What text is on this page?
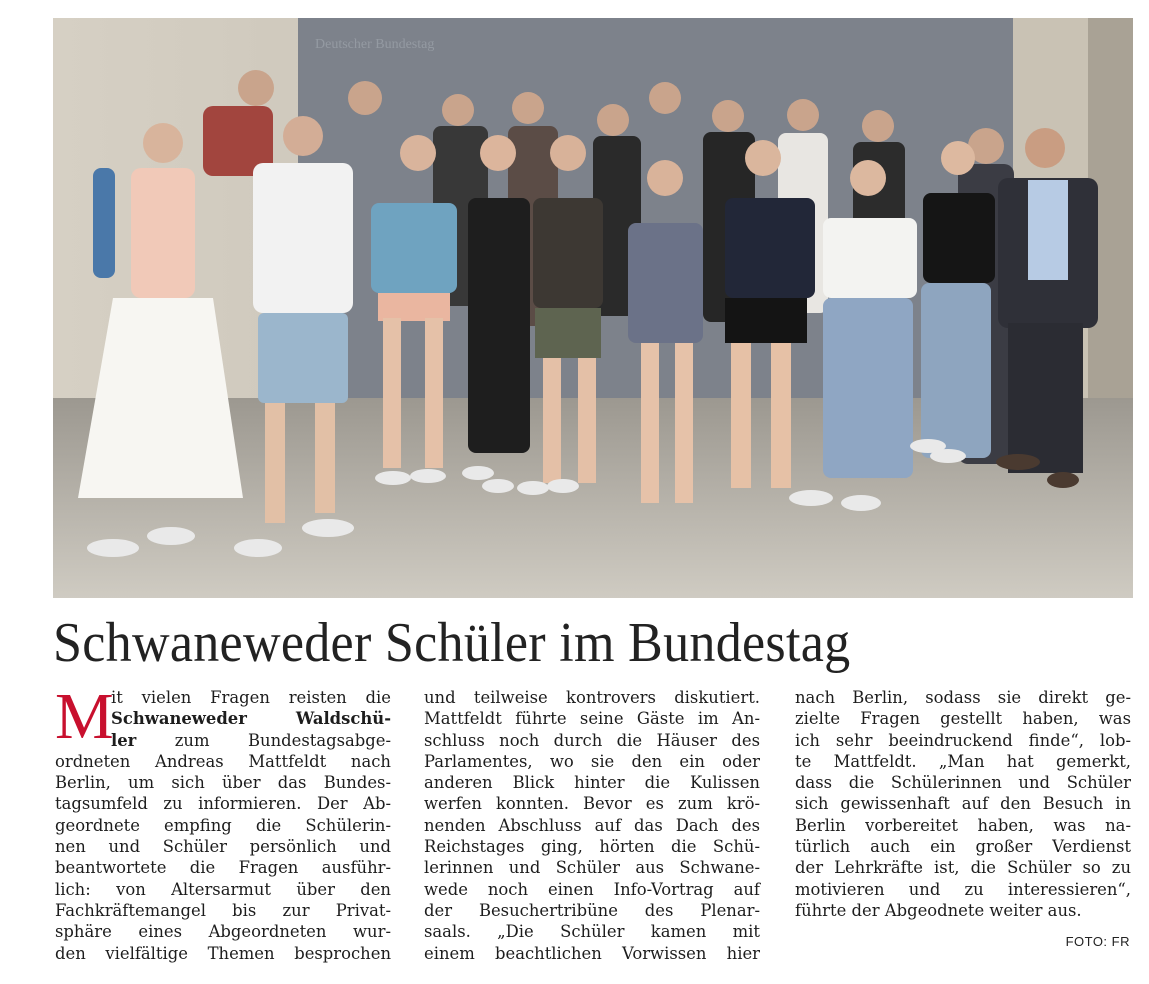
Deutscher Bundestag
Schwaneweder Schüler im Bundestag
M
it vielen Fragen reisten die
Schwaneweder Waldschü-
ler zum Bundestagsabge-
ordneten Andreas Mattfeldt nach
Berlin, um sich über das Bundes-
tagsumfeld zu informieren. Der Ab-
geordnete empfing die Schülerin-
nen und Schüler persönlich und
beantwortete die Fragen ausführ-
lich: von Altersarmut über den
Fachkräftemangel bis zur Privat-
sphäre eines Abgeordneten wur-
den vielfältige Themen besprochen
und teilweise kontrovers diskutiert.
Mattfeldt führte seine Gäste im An-
schluss noch durch die Häuser des
Parlamentes, wo sie den ein oder
anderen Blick hinter die Kulissen
werfen konnten. Bevor es zum krö-
nenden Abschluss auf das Dach des
Reichstages ging, hörten die Schü-
lerinnen und Schüler aus Schwane-
wede noch einen Info-Vortrag auf
der Besuchertribüne des Plenar-
saals. „Die Schüler kamen mit
einem beachtlichen Vorwissen hier
nach Berlin, sodass sie direkt ge-
zielte Fragen gestellt haben, was
ich sehr beeindruckend finde“, lob-
te Mattfeldt. „Man hat gemerkt,
dass die Schülerinnen und Schüler
sich gewissenhaft auf den Besuch in
Berlin vorbereitet haben, was na-
türlich auch ein großer Verdienst
der Lehrkräfte ist, die Schüler so zu
motivieren und zu interessieren“,
führte der Abgeodnete weiter aus.
FOTO: FR
